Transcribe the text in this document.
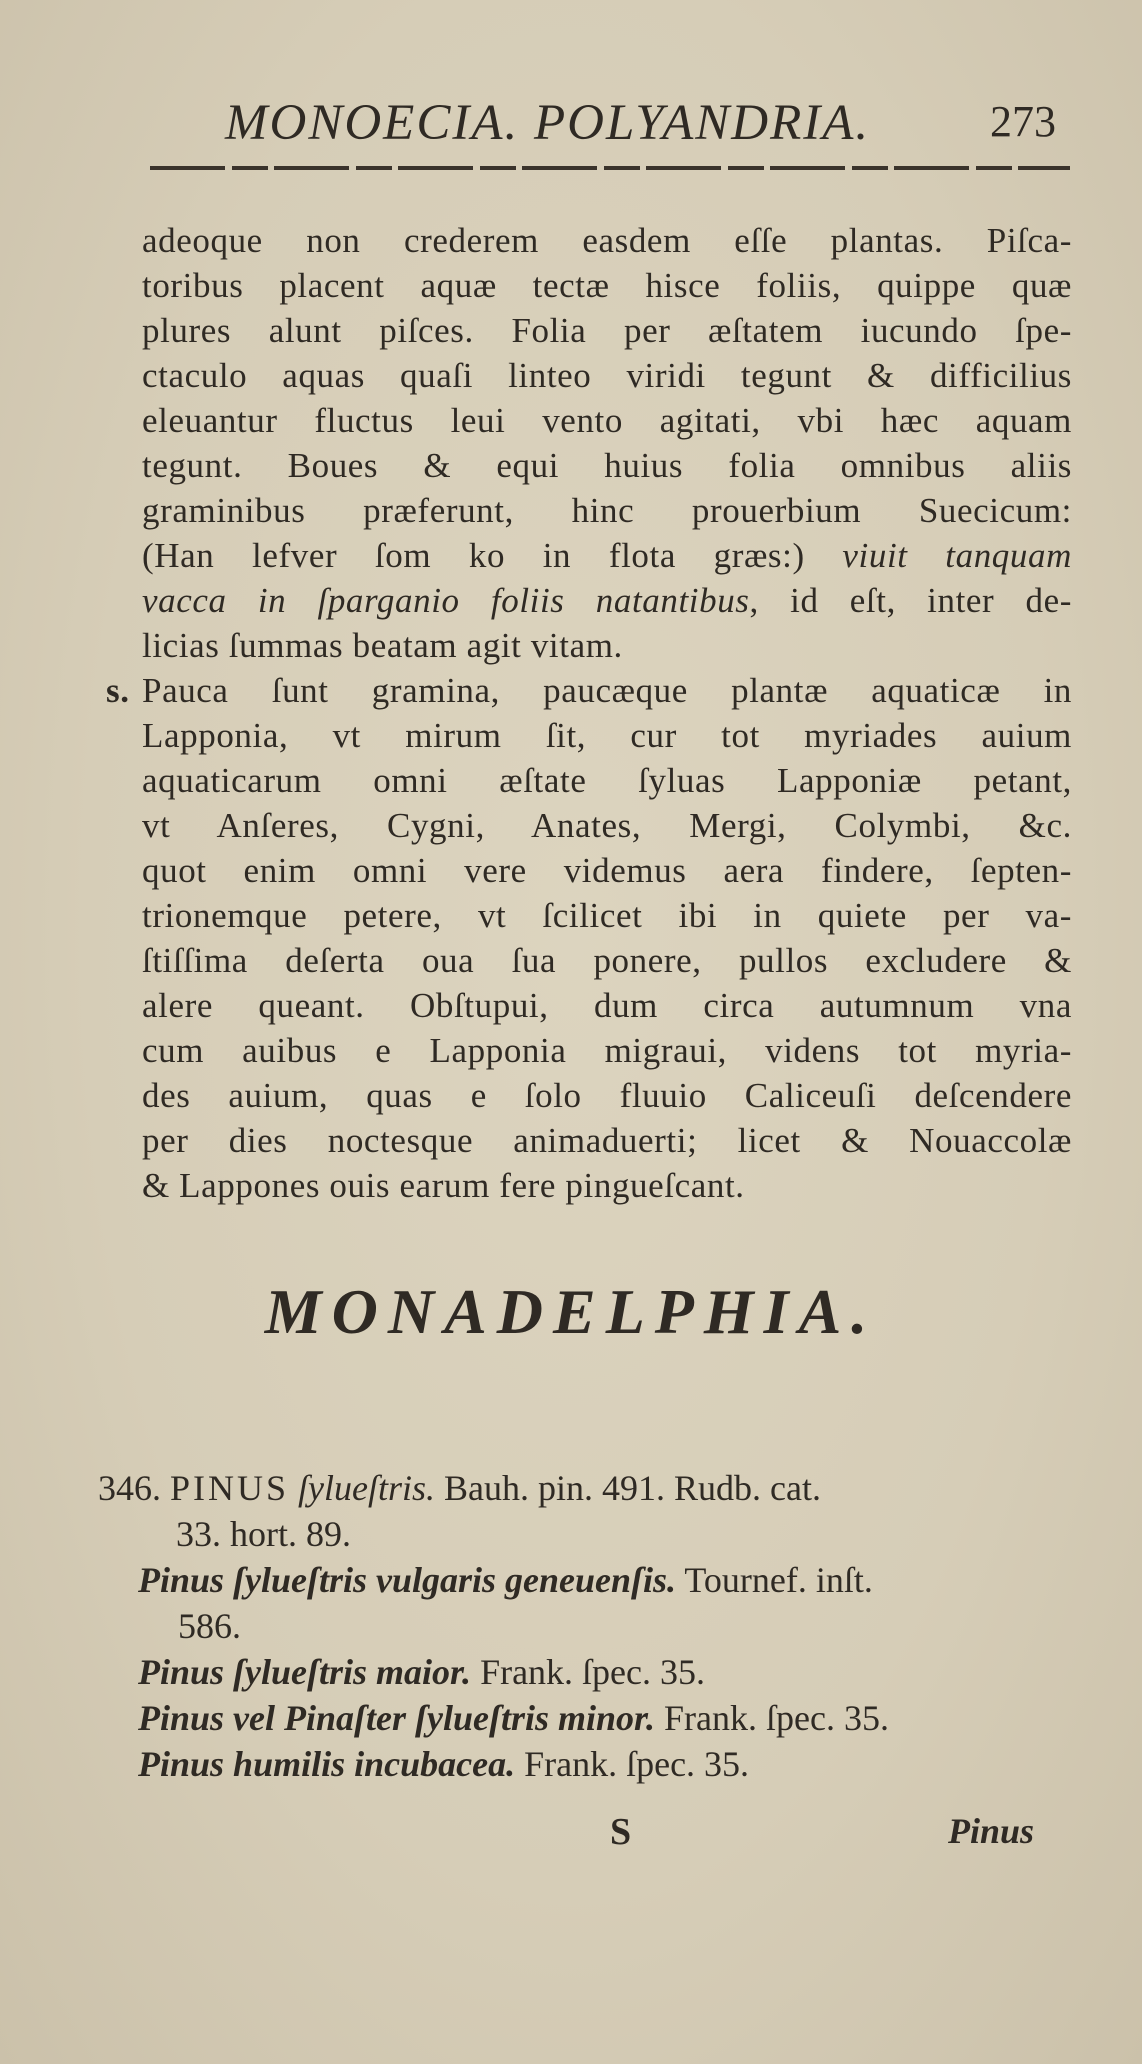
MONOECIA. POLYANDRIA.	273
adeoque non crederem easdem eſſe plantas. Piſca-
toribus placent aquæ tectæ hisce foliis, quippe quæ
plures alunt piſces. Folia per æſtatem iucundo ſpe-
ctaculo aquas quaſi linteo viridi tegunt & difficilius
eleuantur fluctus leui vento agitati, vbi hæc aquam
tegunt. Boues & equi huius folia omnibus aliis
graminibus præferunt, hinc prouerbium Suecicum:
(Han lefver ſom ko in flota græs:) viuit tanquam
vacca in ſparganio foliis natantibus, id eſt, inter de-
licias ſummas beatam agit vitam.
s. Pauca ſunt gramina, paucæque plantæ aquaticæ in
Lapponia, vt mirum ſit, cur tot myriades auium
aquaticarum omni æſtate ſyluas Lapponiæ petant,
vt Anſeres, Cygni, Anates, Mergi, Colymbi, &c.
quot enim omni vere videmus aera findere, ſepten-
trionemque petere, vt ſcilicet ibi in quiete per va-
ſtiſſima deſerta oua ſua ponere, pullos excludere &
alere queant. Obſtupui, dum circa autumnum vna
cum auibus e Lapponia migraui, videns tot myria-
des auium, quas e ſolo fluuio Caliceuſi deſcendere
per dies noctesque animaduerti; licet & Nouaccolæ
& Lappones ouis earum fere pingueſcant.
MONADELPHIA.
346. PINUS ſylueſtris. Bauh. pin. 491. Rudb. cat.
33. hort. 89.
Pinus ſylueſtris vulgaris geneuenſis. Tournef. inſt.
586.
Pinus ſylueſtris maior. Frank. ſpec. 35.
Pinus vel Pinaſter ſylueſtris minor. Frank. ſpec. 35.
Pinus humilis incubacea. Frank. ſpec. 35.
S	Pinus
